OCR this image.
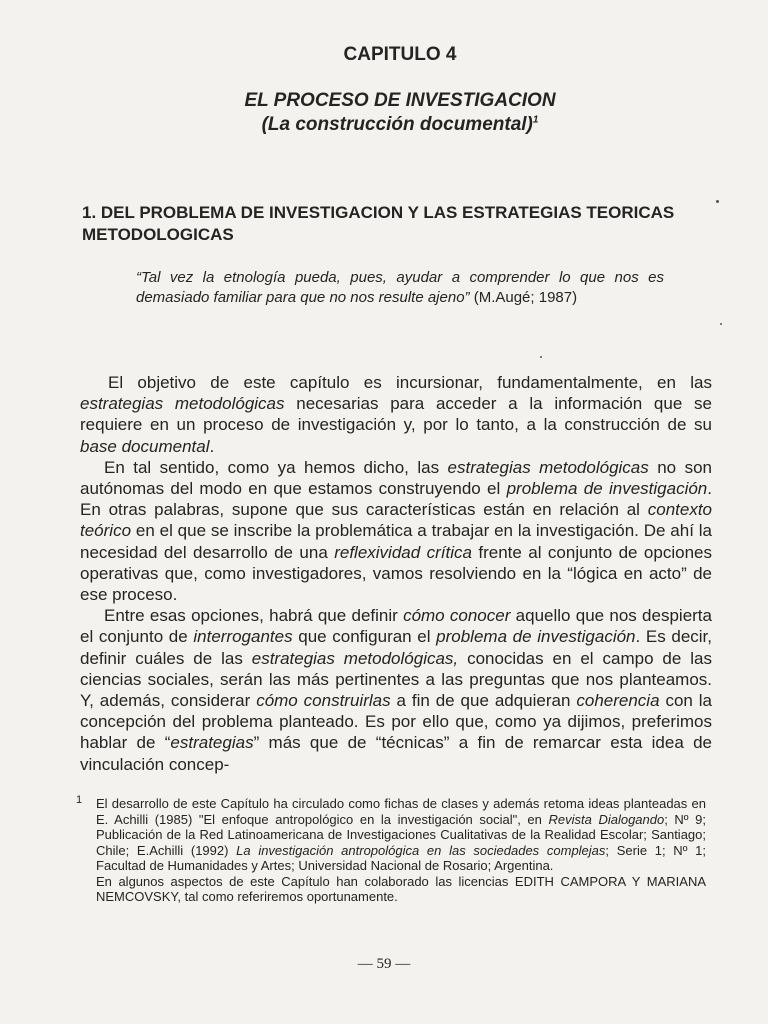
CAPITULO 4
EL PROCESO DE INVESTIGACION
(La construcción documental)$^1$
1. DEL PROBLEMA DE INVESTIGACION Y LAS ESTRATEGIAS TEORICAS METODOLOGICAS
“Tal vez la etnología pueda, pues, ayudar a comprender lo que nos es demasiado familiar para que no nos resulte ajeno” (M.Augé; 1987)

El objetivo de este capítulo es incursionar, fundamentalmente, en las estrategias metodológicas necesarias para acceder a la información que se requiere en un proceso de investigación y, por lo tanto, a la construcción de su base documental.

En tal sentido, como ya hemos dicho, las estrategias metodológicas no son autónomas del modo en que estamos construyendo el problema de investigación. En otras palabras, supone que sus características están en relación al contexto teórico en el que se inscribe la problemática a trabajar en la investigación. De ahí la necesidad del desarrollo de una reflexividad crítica frente al conjunto de opciones operativas que, como investigadores, vamos resolviendo en la “lógica en acto” de ese proceso.

Entre esas opciones, habrá que definir cómo conocer aquello que nos despierta el conjunto de interrogantes que configuran el problema de investigación. Es decir, definir cuáles de las estrategias metodológicas, conocidas en el campo de las ciencias sociales, serán las más pertinentes a las preguntas que nos planteamos. Y, además, considerar cómo construirlas a fin de que adquieran coherencia con la concepción del problema planteado. Es por ello que, como ya dijimos, preferimos hablar de “estrategias” más que de “técnicas” a fin de remarcar esta idea de vinculación concep-

1 El desarrollo de este Capítulo ha circulado como fichas de clases y además retoma ideas planteadas en E. Achilli (1985) "El enfoque antropológico en la investigación social", en Revista Dialogando; Nº 9; Publicación de la Red Latinoamericana de Investigaciones Cualitativas de la Realidad Escolar; Santiago; Chile; E.Achilli (1992) La investigación antropológica en las sociedades complejas; Serie 1; Nº 1; Facultad de Humanidades y Artes; Universidad Nacional de Rosario; Argentina.

En algunos aspectos de este Capítulo han colaborado las licencias EDITH CAMPORA Y MARIANA NEMCOVSKY, tal como referiremos oportunamente.

— 59 —
